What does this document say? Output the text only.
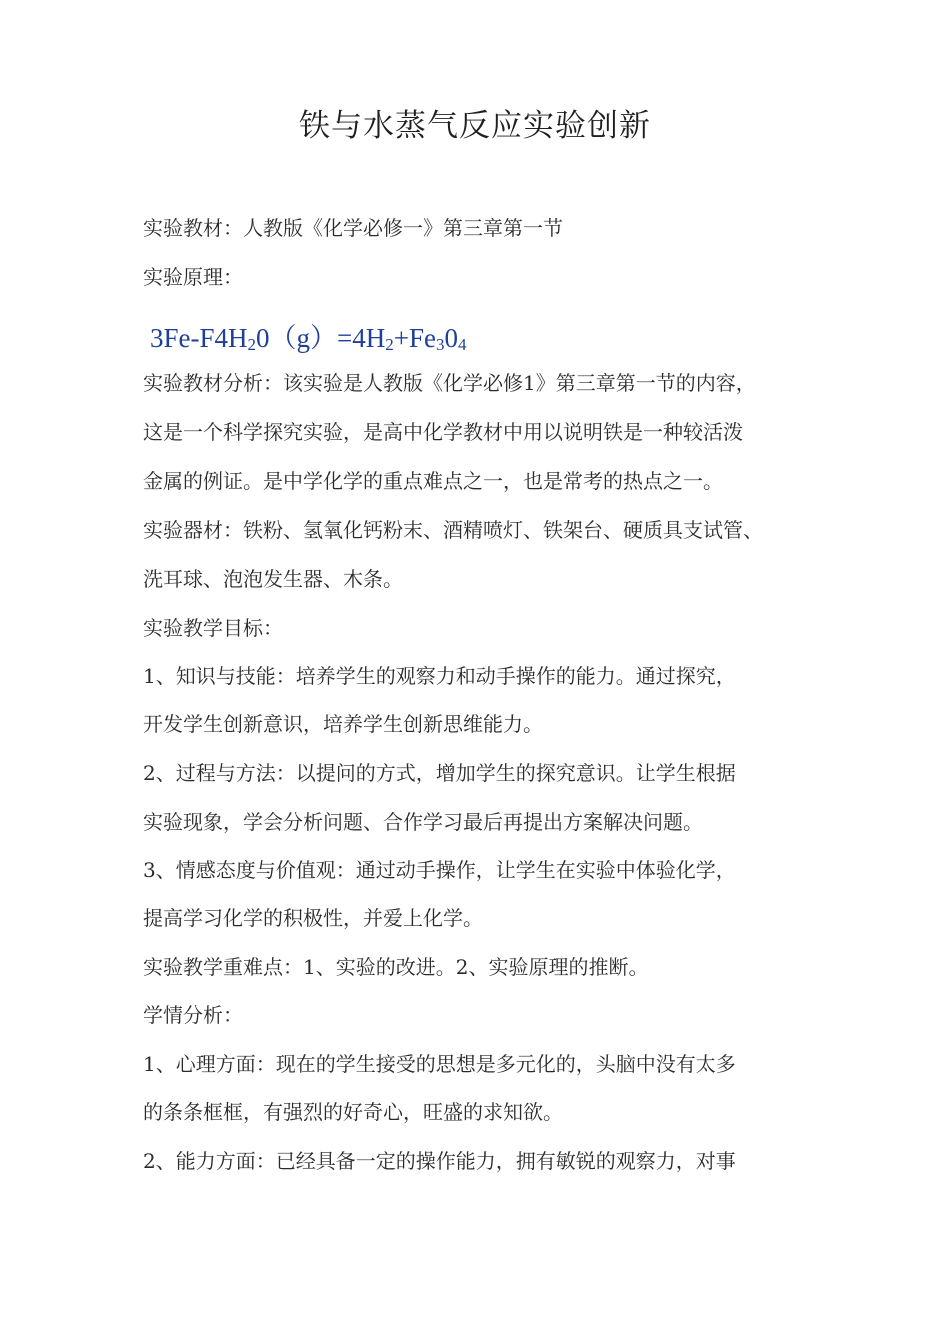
铁与水蒸气反应实验创新
实验教材：人教版《化学必修一》第三章第一节
实验原理：
$3Fe-F4H_20(g)=4H_2+Fe_30_4$
实验教材分析：该实验是人教版《化学必修1》第三章第一节的内容，
这是一个科学探究实验，是高中化学教材中用以说明铁是一种较活泼
金属的例证。是中学化学的重点难点之一，也是常考的热点之一。
实验器材：铁粉、氢氧化钙粉末、酒精喷灯、铁架台、硬质具支试管、
洗耳球、泡泡发生器、木条。
实验教学目标：
1、知识与技能：培养学生的观察力和动手操作的能力。通过探究，
开发学生创新意识，培养学生创新思维能力。
2、过程与方法：以提问的方式，增加学生的探究意识。让学生根据
实验现象，学会分析问题、合作学习最后再提出方案解决问题。
3、情感态度与价值观：通过动手操作，让学生在实验中体验化学，
提高学习化学的积极性，并爱上化学。
实验教学重难点：1、实验的改进。2、实验原理的推断。
学情分析：
1、心理方面：现在的学生接受的思想是多元化的，头脑中没有太多
的条条框框，有强烈的好奇心，旺盛的求知欲。
2、能力方面：已经具备一定的操作能力，拥有敏锐的观察力，对事
